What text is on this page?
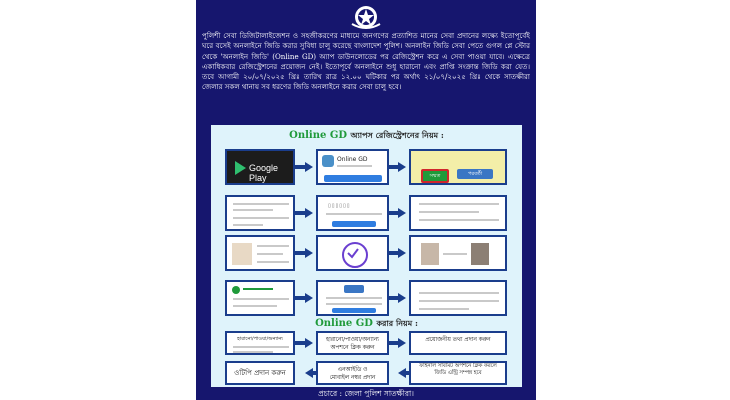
পুলিশী সেবা ডিজিটালাইজেশন ও সহজীকরণের মাধ্যমে জনগণের প্রত্যাশিত মানের সেবা প্রদানের লক্ষ্যে ইতোপূর্বেই ঘরে বসেই অনলাইনে জিডি করার সুবিধা চালু করেছে বাংলাদেশ পুলিশ। অনলাইন জিডি সেবা পেতে গুগল প্লে স্টোর থেকে 'অনলাইন জিডি' (Online GD) অ্যাপ ডাউনলোডের পর রেজিস্ট্রেশন করে এ সেবা পাওয়া যাবে। এক্ষেত্রে একাধিকবার রেজিস্ট্রেশনের প্রয়োজন নেই। ইতোপূর্বে অনলাইনে শুধু হারানো এবং প্রাপ্তি সংক্রান্ত জিডি করা যেত। তবে আগামী ২০/০৭/২০২৫ খ্রিঃ তারিখ রাত্র ১২.০০ ঘটিকার পর অর্থাৎ ২১/০৭/২০২৫ খ্রিঃ থেকে সাতক্ষীরা জেলার সকল থানায় সব ধরণের জিডি অনলাইনে করার সেবা চালু হবে।

Online GD অ্যাপস রেজিস্ট্রেশনের নিয়ম :
Google Play
Online GD
সম্মত	পরবর্তী
▯▯▯▯▯▯
Online GD করার নিয়ম :
হারানো/পাওয়া/অন্যান্য	হারানো/পাওয়া/অন্যান্য অপশনে ক্লিক করুন
প্রয়োজনীয় তথ্য প্রদান করুন
ওটিপি প্রদান করুন	এনআইডি ও মোবাইল নম্বর প্রদান
ফাইনাল সাবমিট অপশনে ক্লিক করলে জিডি এন্ট্রি সম্পন্ন হবে
প্রচারে : জেলা পুলিশ সাতক্ষীরা।
